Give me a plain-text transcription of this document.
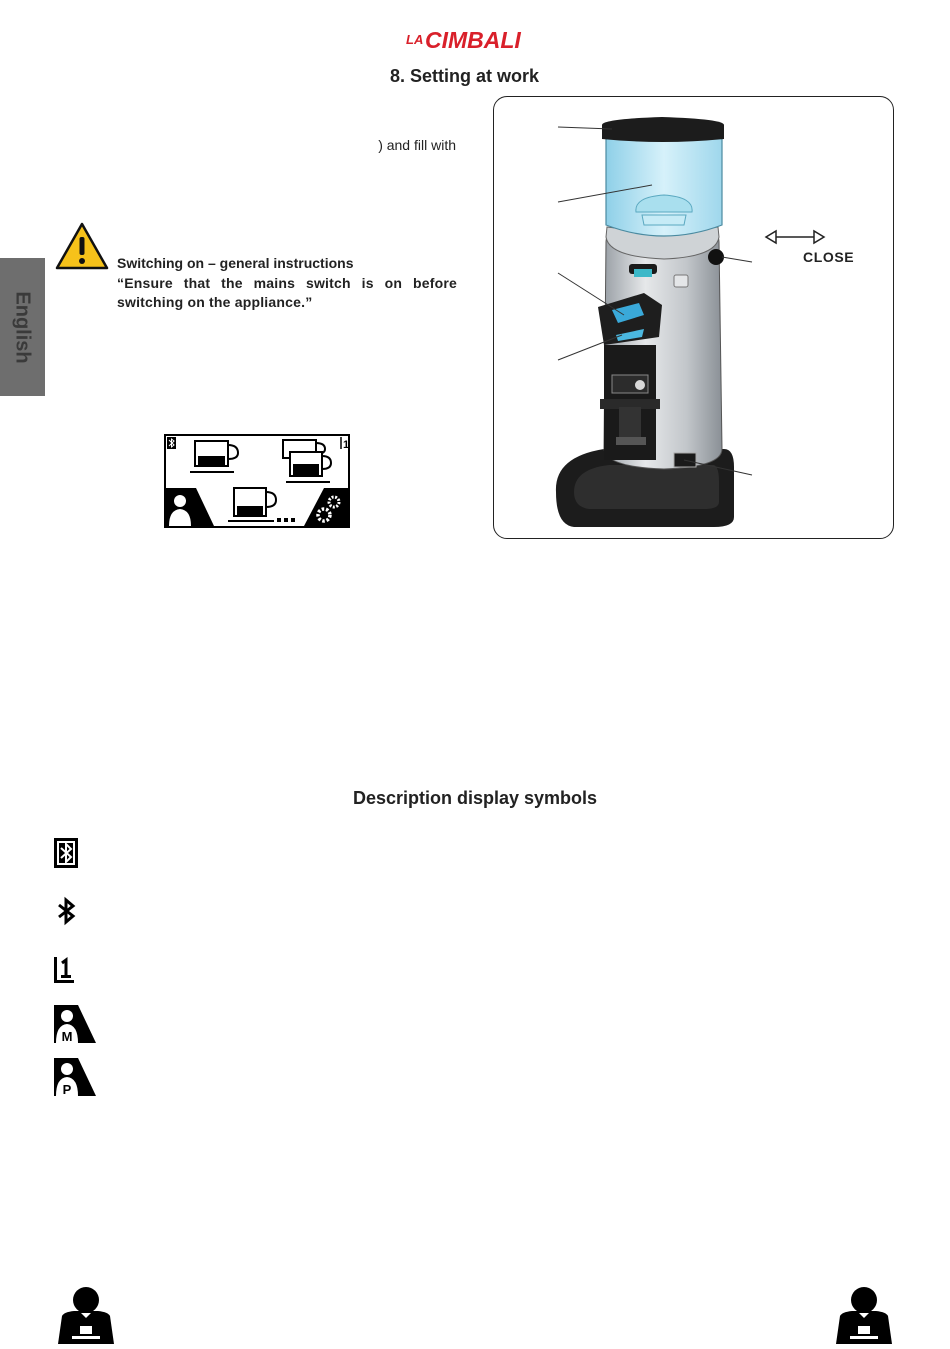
LA CIMBALI
8. Setting at work
) and fill with
Switching on – general instructions
“Ensure that the mains switch is on before switching on the appliance.”
English
1
CLOSE
Description display symbols
M
P
